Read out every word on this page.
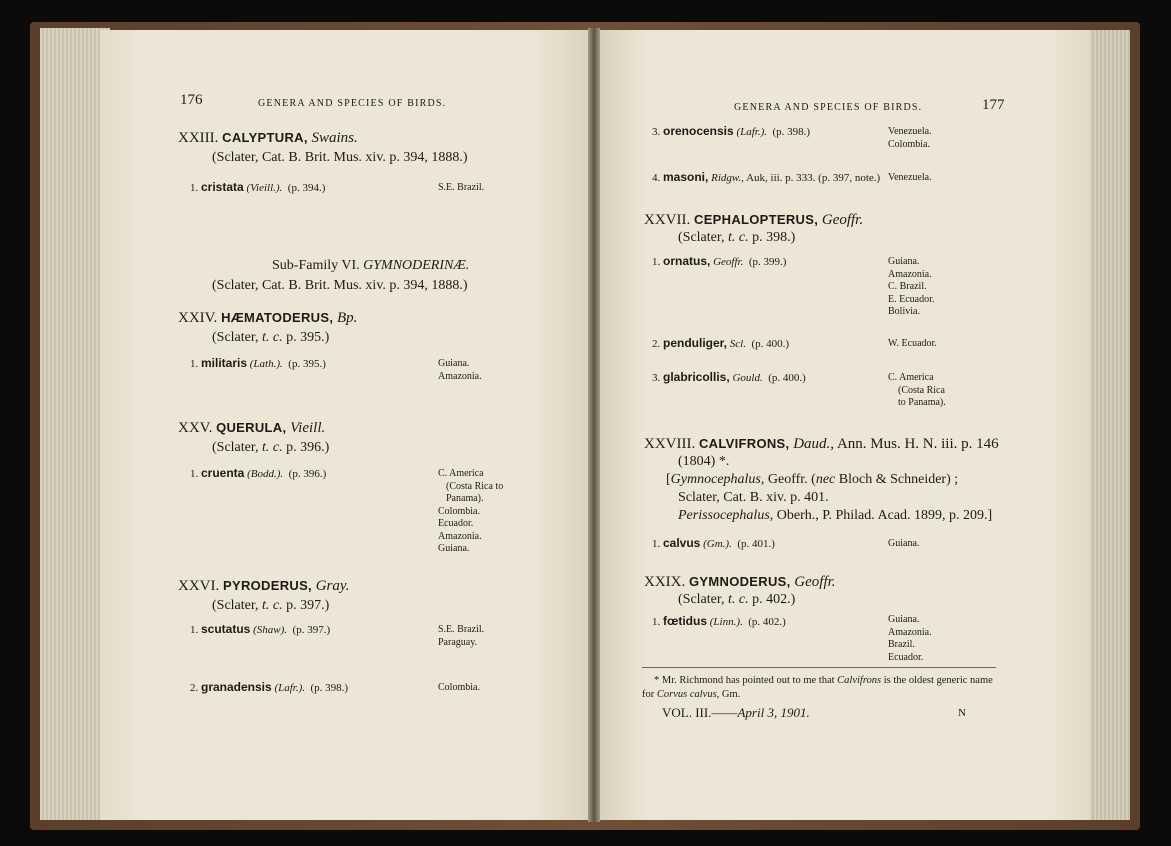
176	GENERA AND SPECIES OF BIRDS.
XXIII. CALYPTURA, Swains.
(Sclater, Cat. B. Brit. Mus. xiv. p. 394, 1888.)
1. cristata (Vieill.). (p. 394.)	S.E. Brazil.
Sub-Family VI. GYMNODERINÆ.
(Sclater, Cat. B. Brit. Mus. xiv. p. 394, 1888.)
XXIV. HÆMATODERUS, Bp.
(Sclater, t. c. p. 395.)
1. militaris (Lath.). (p. 395.)	Guiana.
Amazonia.
XXV. QUERULA, Vieill.
(Sclater, t. c. p. 396.)
1. cruenta (Bodd.). (p. 396.)	C. America
(Costa Rica to
Panama).
Colombia.
Ecuador.
Amazonia.
Guiana.
XXVI. PYRODERUS, Gray.
(Sclater, t. c. p. 397.)
1. scutatus (Shaw). (p. 397.)	S.E. Brazil.
Paraguay.
2. granadensis (Lafr.). (p. 398.)	Colombia.
GENERA AND SPECIES OF BIRDS.	177
3. orenocensis (Lafr.). (p. 398.)	Venezuela.
Colombia.
4. masoni, Ridgw., Auk, iii. p. 333. (p. 397, note.) Venezuela.
XXVII. CEPHALOPTERUS, Geoffr.
(Sclater, t. c. p. 398.)
1. ornatus, Geoffr. (p. 399.)	Guiana.
Amazonia.
C. Brazil.
E. Ecuador.
Bolivia.
2. penduliger, Scl. (p. 400.)	W. Ecuador.
3. glabricollis, Gould. (p. 400.)	C. America
(Costa Rica
to Panama).
XXVIII. CALVIFRONS, Daud., Ann. Mus. H. N. iii. p. 146
(1804) *.
[Gymnocephalus, Geoffr. (nec Bloch & Schneider) ;
Sclater, Cat. B. xiv. p. 401.
Perissocephalus, Oberh., P. Philad. Acad. 1899, p. 209.]
1. calvus (Gm.). (p. 401.)	Guiana.
XXIX. GYMNODERUS, Geoffr.
(Sclater, t. c. p. 402.)
1. fœtidus (Linn.). (p. 402.)	Guiana.
Amazonia.
Brazil.
Ecuador.
* Mr. Richmond has pointed out to me that Calvifrons is the oldest generic name
for Corvus calvus, Gm.
VOL. III.——April 3, 1901.	N
